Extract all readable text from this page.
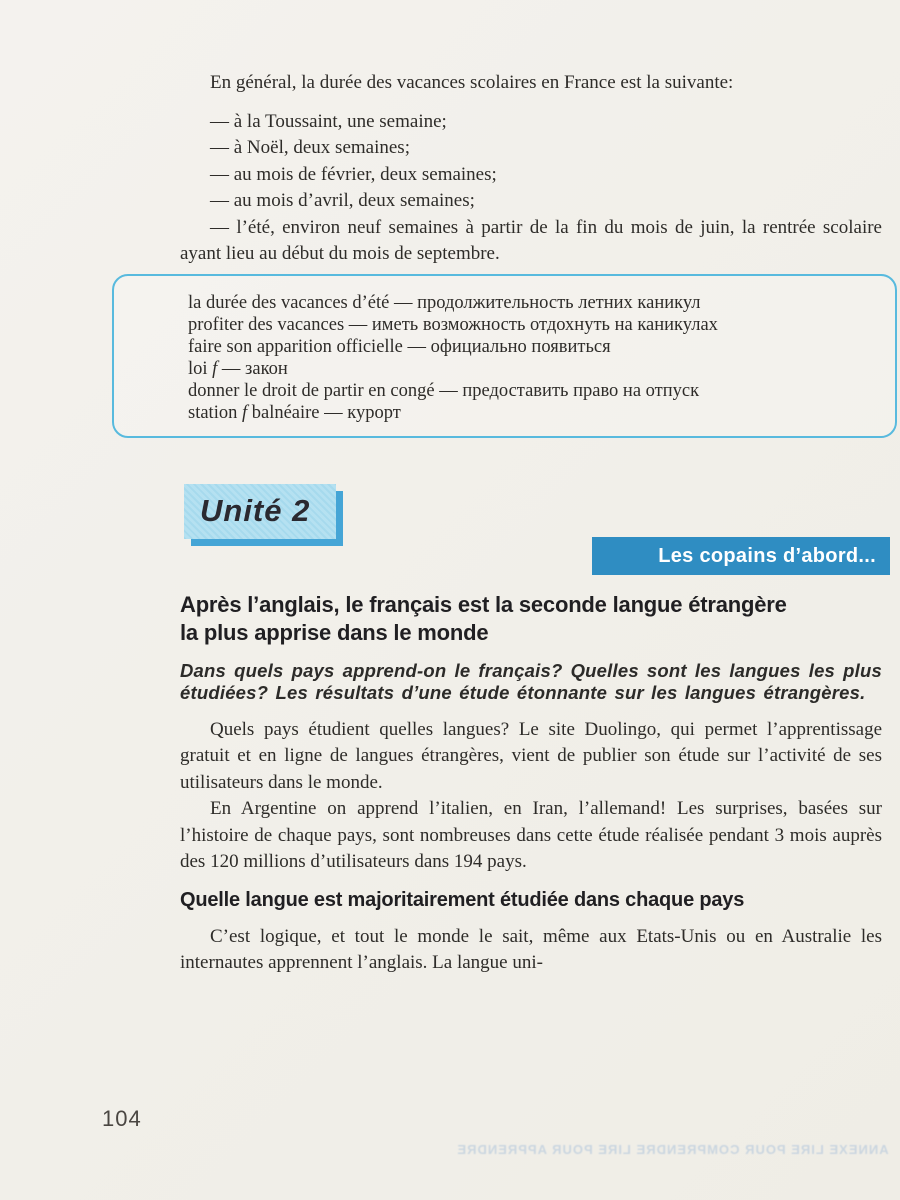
En général, la durée des vacances scolaires en France est la suivante:

— à la Toussaint, une semaine;

— à Noël, deux semaines;

— au mois de février, deux semaines;

— au mois d’avril, deux semaines;

— l’été, environ neuf semaines à partir de la fin du mois de juin, la rentrée scolaire ayant lieu au début du mois de septembre.

la durée des vacances d’été — продолжительность летних каникул

profiter des vacances — иметь возможность отдохнуть на каникулах

faire son apparition officielle — официально появиться

loi f — закон

donner le droit de partir en congé — предоставить право на отпуск

station f balnéaire — курорт

Unité 2
Les copains d’abord...
Après l’anglais, le français est la seconde langue étrangère
la plus apprise dans le monde

Dans quels pays apprend-on le français? Quelles sont les langues les plus étudiées? Les résultats d’une étude étonnante sur les langues étrangères.

Quels pays étudient quelles langues? Le site Duolingo, qui permet l’apprentissage gratuit et en ligne de langues étrangères, vient de publier son étude sur l’activité de ses utilisateurs dans le monde.

En Argentine on apprend l’italien, en Iran, l’allemand! Les surprises, basées sur l’histoire de chaque pays, sont nombreuses dans cette étude réalisée pendant 3 mois auprès des 120 millions d’utilisateurs dans 194 pays.

Quelle langue est majoritairement étudiée dans chaque pays

C’est logique, et tout le monde le sait, même aux Etats-Unis ou en Australie les internautes apprennent l’anglais. La langue uni-

104
ANNEXE LIRE POUR COMPRENDRE LIRE POUR APPRENDRE
